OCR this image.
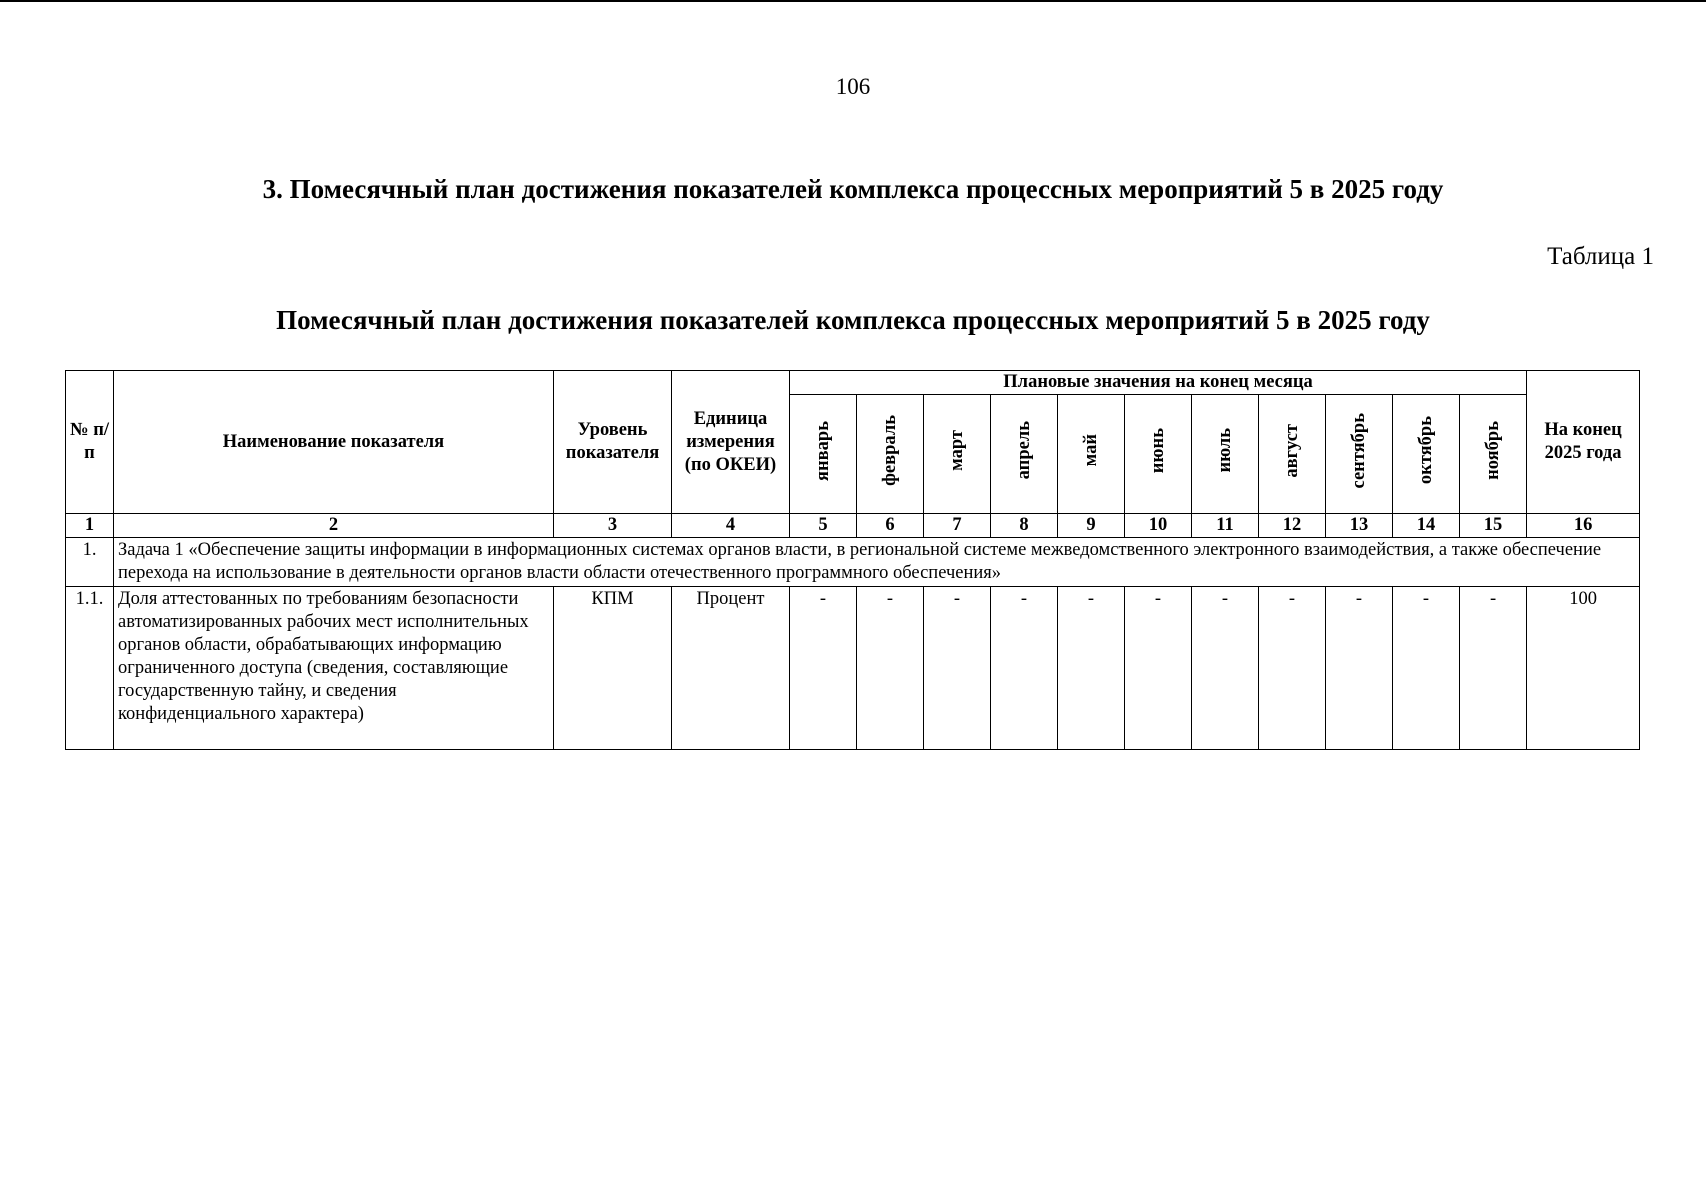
106
3. Помесячный план достижения показателей комплекса процессных мероприятий 5 в 2025 году
Таблица 1
Помесячный план достижения показателей комплекса процессных мероприятий 5 в 2025 году
№ п/п	Наименование показателя	Уровень показателя	Единица измерения (по ОКЕИ)	Плановые значения на конец месяца											На конец 2025 года
				январь	февраль	март	апрель	май	июнь	июль	август	сентябрь	октябрь	ноябрь	
1	2	3	4	5	6	7	8	9	10	11	12	13	14	15	16
1.	Задача 1 «Обеспечение защиты информации в информационных системах органов власти, в региональной системе межведомственного электронного взаимодействия, а также обеспечение перехода на использование в деятельности органов власти области отечественного программного обеспечения»														
1.1.	Доля аттестованных по требованиям безопасности автоматизированных рабочих мест исполнительных органов области, обрабатывающих информацию ограниченного доступа (сведения, составляющие государственную тайну, и сведения конфиденциального характера)	КПМ	Процент	-	-	-	-	-	-	-	-	-	-	-	100
